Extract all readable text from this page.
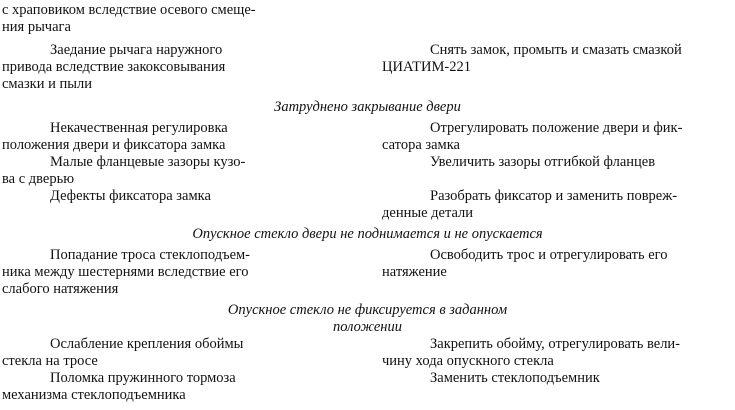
с храповиком вследствие осевого смеще-
ния рычага
Заедание рычага наружного
привода вследствие закоксовывания
смазки и пыли
Снять замок, промыть и смазать смазкой
ЦИАТИМ-221
Затруднено закрывание двери
Некачественная регулировка
положения двери и фиксатора замка
Отрегулировать положение двери и фик-
сатора замка
Малые фланцевые зазоры кузо-
ва с дверью
Увеличить зазоры отгибкой фланцев
Дефекты фиксатора замка	Разобрать фиксатор и заменить повреж-
денные детали
Опускное стекло двери не поднимается и не опускается
Попадание троса стеклоподъем-
ника между шестернями вследствие его
слабого натяжения
Освободить трос и отрегулировать его
натяжение
Опускное стекло не фиксируется в заданном
положении
Ослабление крепления обоймы
стекла на тросе
Закрепить обойму, отрегулировать вели-
чину хода опускного стекла
Поломка пружинного тормоза
механизма стеклоподъемника
Заменить стеклоподъемник
